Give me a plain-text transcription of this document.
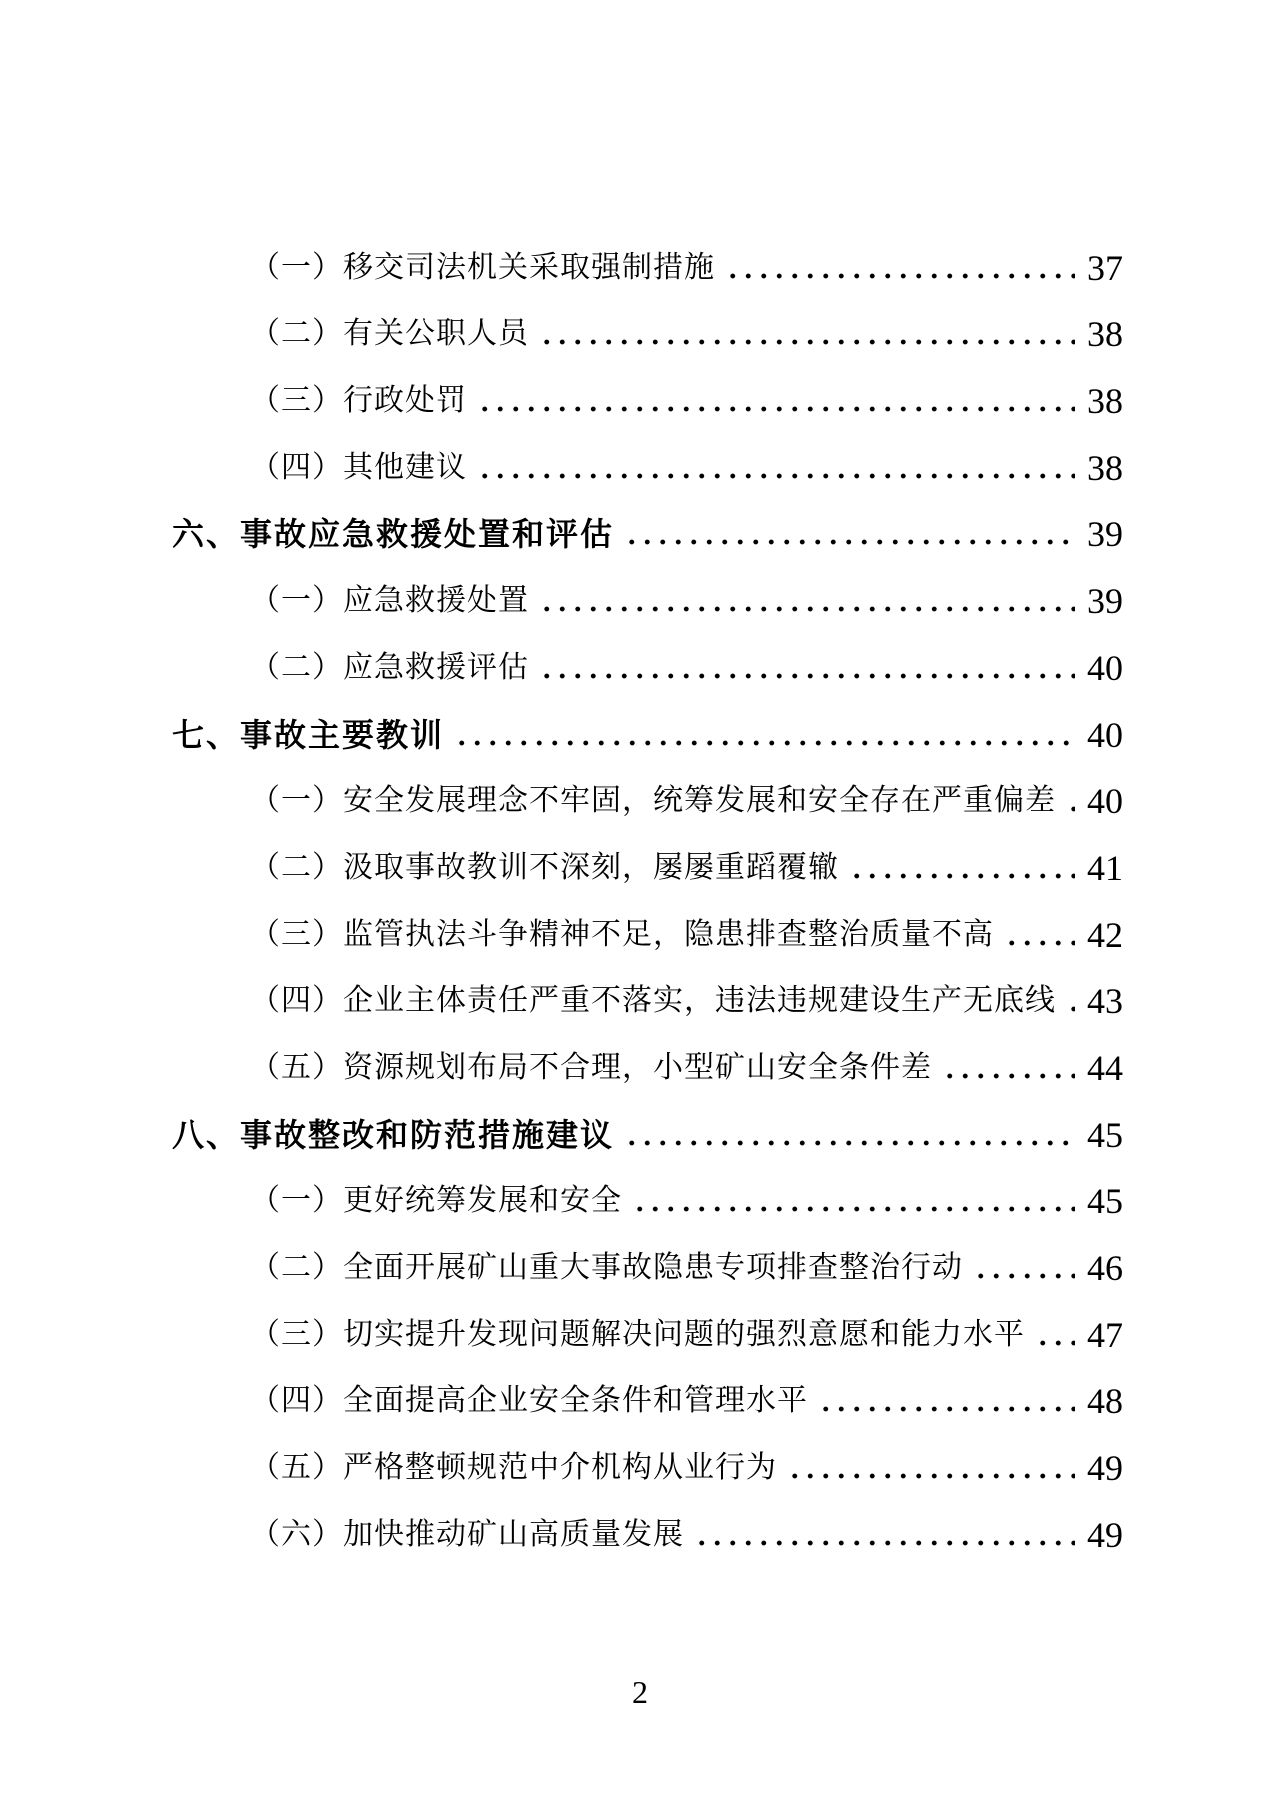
（一）移交司法机关采取强制措施	37
（二）有关公职人员	38
（三）行政处罚	38
（四）其他建议	38
六、事故应急救援处置和评估	39
（一）应急救援处置	39
（二）应急救援评估	40
七、事故主要教训	40
（一）安全发展理念不牢固，统筹发展和安全存在严重偏差 40
（二）汲取事故教训不深刻，屡屡重蹈覆辙	41
（三）监管执法斗争精神不足，隐患排查整治质量不高	42
（四）企业主体责任严重不落实，违法违规建设生产无底线 43
（五）资源规划布局不合理，小型矿山安全条件差	44
八、事故整改和防范措施建议	45
（一）更好统筹发展和安全	45
（二）全面开展矿山重大事故隐患专项排查整治行动	46
（三）切实提升发现问题解决问题的强烈意愿和能力水平 47
（四）全面提高企业安全条件和管理水平	48
（五）严格整顿规范中介机构从业行为	49
（六）加快推动矿山高质量发展	49
2
